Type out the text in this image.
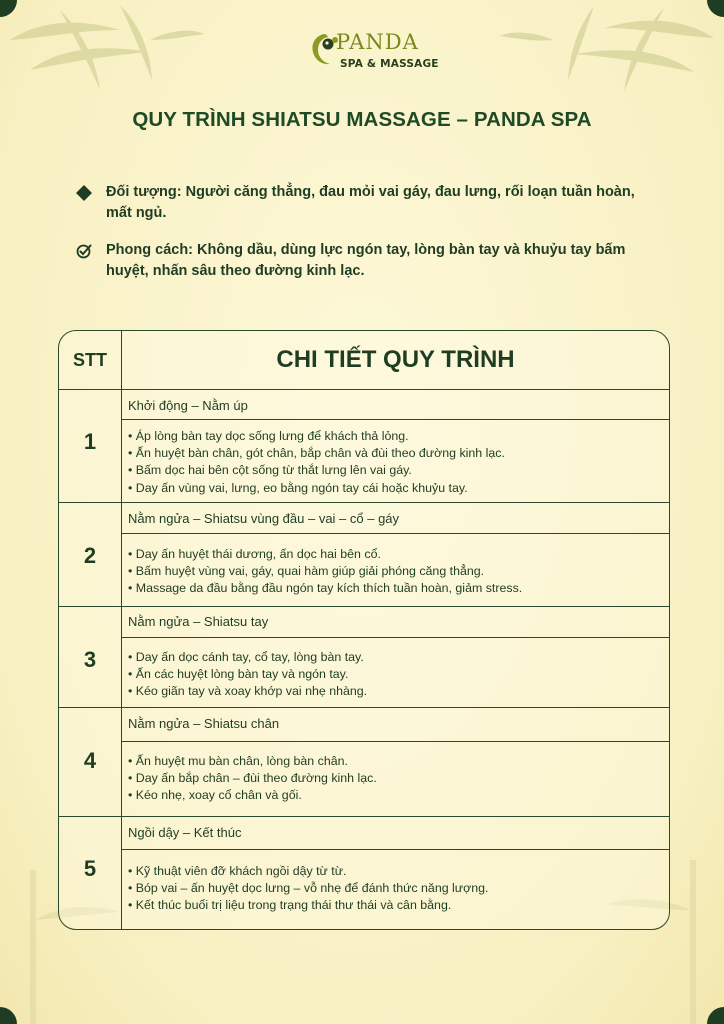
PANDA
SPA & MASSAGE
QUY TRÌNH SHIATSU MASSAGE – PANDA SPA
Đối tượng: Người căng thẳng, đau mỏi vai gáy, đau lưng, rối loạn tuần hoàn, mất ngủ.
Phong cách: Không dầu, dùng lực ngón tay, lòng bàn tay và khuỷu tay bấm huyệt, nhấn sâu theo đường kinh lạc.
STT	CHI TIẾT QUY TRÌNH
1
Khởi động – Nằm úp
• Áp lòng bàn tay dọc sống lưng để khách thả lỏng.
• Ấn huyệt bàn chân, gót chân, bắp chân và đùi theo đường kinh lạc.
• Bấm dọc hai bên cột sống từ thắt lưng lên vai gáy.
• Day ấn vùng vai, lưng, eo bằng ngón tay cái hoặc khuỷu tay.
2
Nằm ngửa – Shiatsu vùng đầu – vai – cổ – gáy
• Day ấn huyệt thái dương, ấn dọc hai bên cổ.
• Bấm huyệt vùng vai, gáy, quai hàm giúp giải phóng căng thẳng.
• Massage da đầu bằng đầu ngón tay kích thích tuần hoàn, giảm stress.
3
Nằm ngửa – Shiatsu tay
• Day ấn dọc cánh tay, cổ tay, lòng bàn tay.
• Ấn các huyệt lòng bàn tay và ngón tay.
• Kéo giãn tay và xoay khớp vai nhẹ nhàng.
4
Nằm ngửa – Shiatsu chân
• Ấn huyệt mu bàn chân, lòng bàn chân.
• Day ấn bắp chân – đùi theo đường kinh lạc.
• Kéo nhẹ, xoay cổ chân và gối.
5
Ngồi dậy – Kết thúc
• Kỹ thuật viên đỡ khách ngồi dậy từ từ.
• Bóp vai – ấn huyệt dọc lưng – vỗ nhẹ để đánh thức năng lượng.
• Kết thúc buổi trị liệu trong trạng thái thư thái và cân bằng.
